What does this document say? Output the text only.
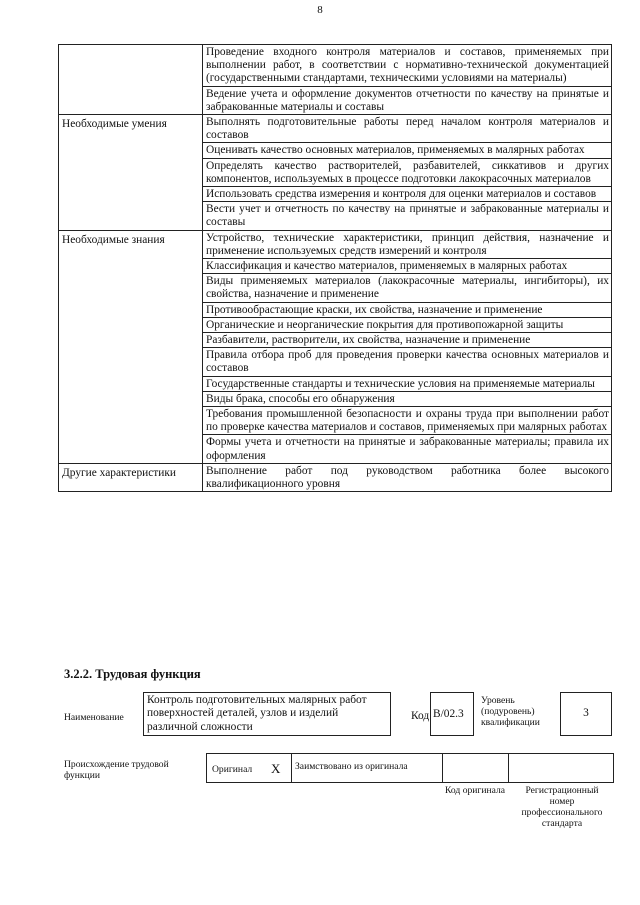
8
	Проведение входного контроля материалов и составов, применяемых при выполнении работ, в соответствии с нормативно-технической документацией (государственными стандартами, техническими условиями на материалы)
	Ведение учета и оформление документов отчетности по качеству на принятые и забракованные материалы и составы
Необходимые умения	Выполнять подготовительные работы перед началом контроля материалов и составов
	Оценивать качество основных материалов, применяемых в малярных работах
	Определять качество растворителей, разбавителей, сиккативов и других компонентов, используемых в процессе подготовки лакокрасочных материалов
	Использовать средства измерения и контроля для оценки материалов и составов
	Вести учет и отчетность по качеству на принятые и забракованные материалы и составы
Необходимые знания	Устройство, технические характеристики, принцип действия, назначение и применение используемых средств измерений и контроля
	Классификация и качество материалов, применяемых в малярных работах
	Виды применяемых материалов (лакокрасочные материалы, ингибиторы), их свойства, назначение и применение
	Противообрастающие краски, их свойства, назначение и применение
	Органические и неорганические покрытия для противопожарной защиты
	Разбавители, растворители, их свойства, назначение и применение
	Правила отбора проб для проведения проверки качества основных материалов и составов
	Государственные стандарты и технические условия на применяемые материалы
	Виды брака, способы его обнаружения
	Требования промышленной безопасности и охраны труда при выполнении работ по проверке качества материалов и составов, применяемых при малярных работах
	Формы учета и отчетности на принятые и забракованные материалы; правила их оформления
Другие характеристики	Выполнение работ под руководством работника более высокого квалификационного уровня
3.2.2. Трудовая функция
Наименование
Контроль подготовительных малярных работ поверхностей деталей, узлов и изделий различной сложности
Код B/02.3
Уровень (подуровень) квалификации
3
Происхождение трудовой функции
Оригинал X Заимствовано из оригинала
Код оригинала	Регистрационный номер профессионального стандарта
